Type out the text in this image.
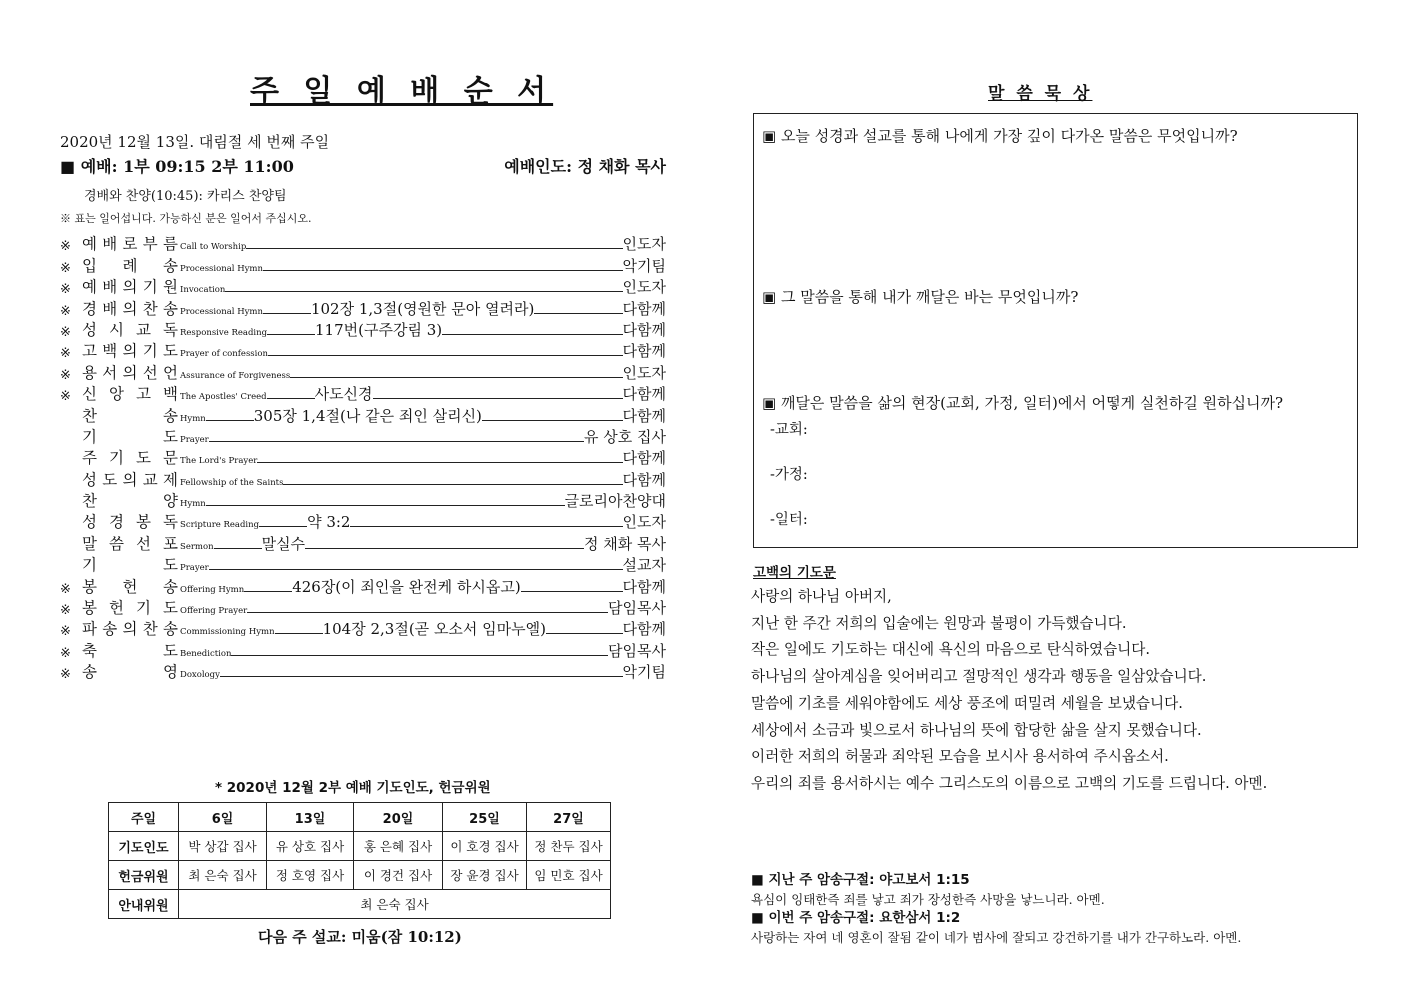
주 일 예 배 순 서
2020년 12월 13일. 대림절 세 번째 주일
■ 예배: 1부 09:15 2부 11:00	예배인도: 정 채화 목사
경배와 찬양(10:45): 카리스 찬양팀
※ 표는 일어섭니다. 가능하신 분은 일어서 주십시오.
※ 예 배 로 부 름 Call to Worship	인도자
※ 입 례 송 Processional Hymn	악기팀
※ 예 배 의 기 원 Invocation	인도자
※ 경 배 의 찬 송 Processional Hymn	102장 1,3절(영원한 문아 열려라)	다함께
※ 성 시 교 독 Responsive Reading	117번(구주강림 3)	다함께
※ 고 백 의 기 도 Prayer of confession	다함께
※ 용 서 의 선 언 Assurance of Forgiveness	인도자
※ 신 앙 고 백 The Apostles' Creed	사도신경	다함께
찬	송 Hymn	305장 1,4절(나 같은 죄인 살리신)	다함께
기	도 Prayer	유 상호 집사
주 기 도 문 The Lord's Prayer	다함께
성 도 의 교 제 Fellowship of the Saints	다함께
찬	양 Hymn	글로리아찬양대
성 경 봉 독 Scripture Reading	약 3:2	인도자
말 씀 선 포 Sermon	말실수	정 채화 목사
기	도 Prayer	설교자
※ 봉 헌 송 Offering Hymn	426장(이 죄인을 완전케 하시옵고)	다함께
※ 봉 헌 기 도 Offering Prayer	담임목사
※ 파 송 의 찬 송 Commissioning Hymn	104장 2,3절(곧 오소서 임마누엘)	다함께
※ 축	도 Benediction	담임목사
※ 송	영 Doxology	악기팀
* 2020년 12월 2부 예배 기도인도, 헌금위원
주일	6일	13일	20일	25일	27일
기도인도	박 상갑 집사	유 상호 집사	홍 은혜 집사	이 호경 집사	정 찬두 집사
헌금위원	최 은숙 집사	정 호영 집사	이 경건 집사	장 윤경 집사	임 민호 집사
안내위원	최 은숙 집사				
다음 주 설교: 미움(잠 10:12)
말 씀 묵 상
▣ 오늘 성경과 설교를 통해 나에게 가장 깊이 다가온 말씀은 무엇입니까?
▣ 그 말씀을 통해 내가 깨달은 바는 무엇입니까?
▣ 깨달은 말씀을 삶의 현장(교회, 가정, 일터)에서 어떻게 실천하길 원하십니까?
-교회:
-가정:
-일터:
고백의 기도문
사랑의 하나님 아버지,
지난 한 주간 저희의 입술에는 원망과 불평이 가득했습니다.
작은 일에도 기도하는 대신에 욕신의 마음으로 탄식하였습니다.
하나님의 살아계심을 잊어버리고 절망적인 생각과 행동을 일삼았습니다.
말씀에 기초를 세워야함에도 세상 풍조에 떠밀려 세월을 보냈습니다.
세상에서 소금과 빛으로서 하나님의 뜻에 합당한 삶을 살지 못했습니다.
이러한 저희의 허물과 죄악된 모습을 보시사 용서하여 주시옵소서.
우리의 죄를 용서하시는 예수 그리스도의 이름으로 고백의 기도를 드립니다. 아멘.
■ 지난 주 암송구절: 야고보서 1:15
욕심이 잉태한즉 죄를 낳고 죄가 장성한즉 사망을 낳느니라. 아멘.
■ 이번 주 암송구절: 요한삼서 1:2
사랑하는 자여 네 영혼이 잘됨 같이 네가 범사에 잘되고 강건하기를 내가 간구하노라. 아멘.
